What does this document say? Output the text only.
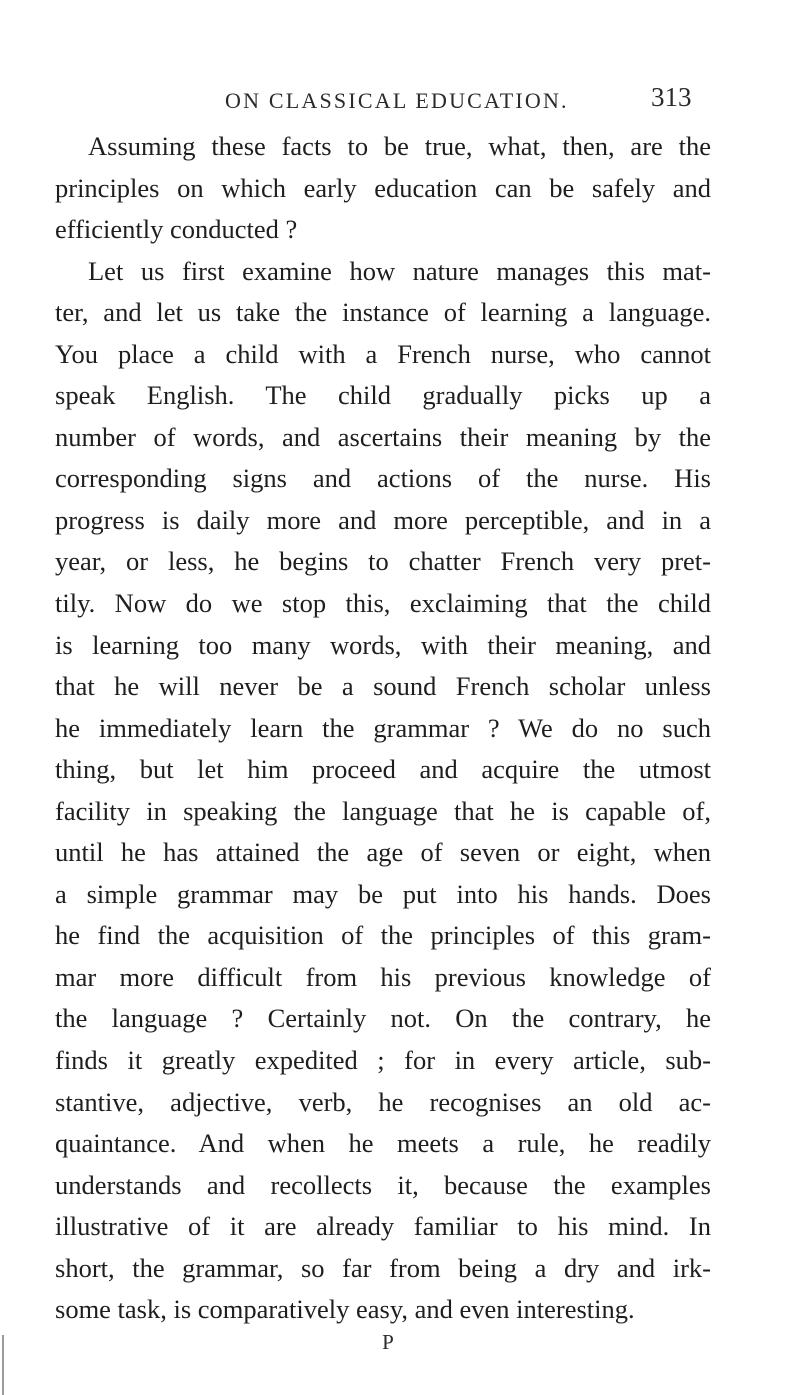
ON CLASSICAL EDUCATION.	313
Assuming these facts to be true, what, then, are the
principles on which early education can be safely and
efficiently conducted ?
Let us first examine how nature manages this mat-
ter, and let us take the instance of learning a language.
You place a child with a French nurse, who cannot
speak English. The child gradually picks up a
number of words, and ascertains their meaning by the
corresponding signs and actions of the nurse. His
progress is daily more and more perceptible, and in a
year, or less, he begins to chatter French very pret-
tily. Now do we stop this, exclaiming that the child
is learning too many words, with their meaning, and
that he will never be a sound French scholar unless
he immediately learn the grammar ? We do no such
thing, but let him proceed and acquire the utmost
facility in speaking the language that he is capable of,
until he has attained the age of seven or eight, when
a simple grammar may be put into his hands. Does
he find the acquisition of the principles of this gram-
mar more difficult from his previous knowledge of
the language ? Certainly not. On the contrary, he
finds it greatly expedited ; for in every article, sub-
stantive, adjective, verb, he recognises an old ac-
quaintance. And when he meets a rule, he readily
understands and recollects it, because the examples
illustrative of it are already familiar to his mind. In
short, the grammar, so far from being a dry and irk-
some task, is comparatively easy, and even interesting.
P
